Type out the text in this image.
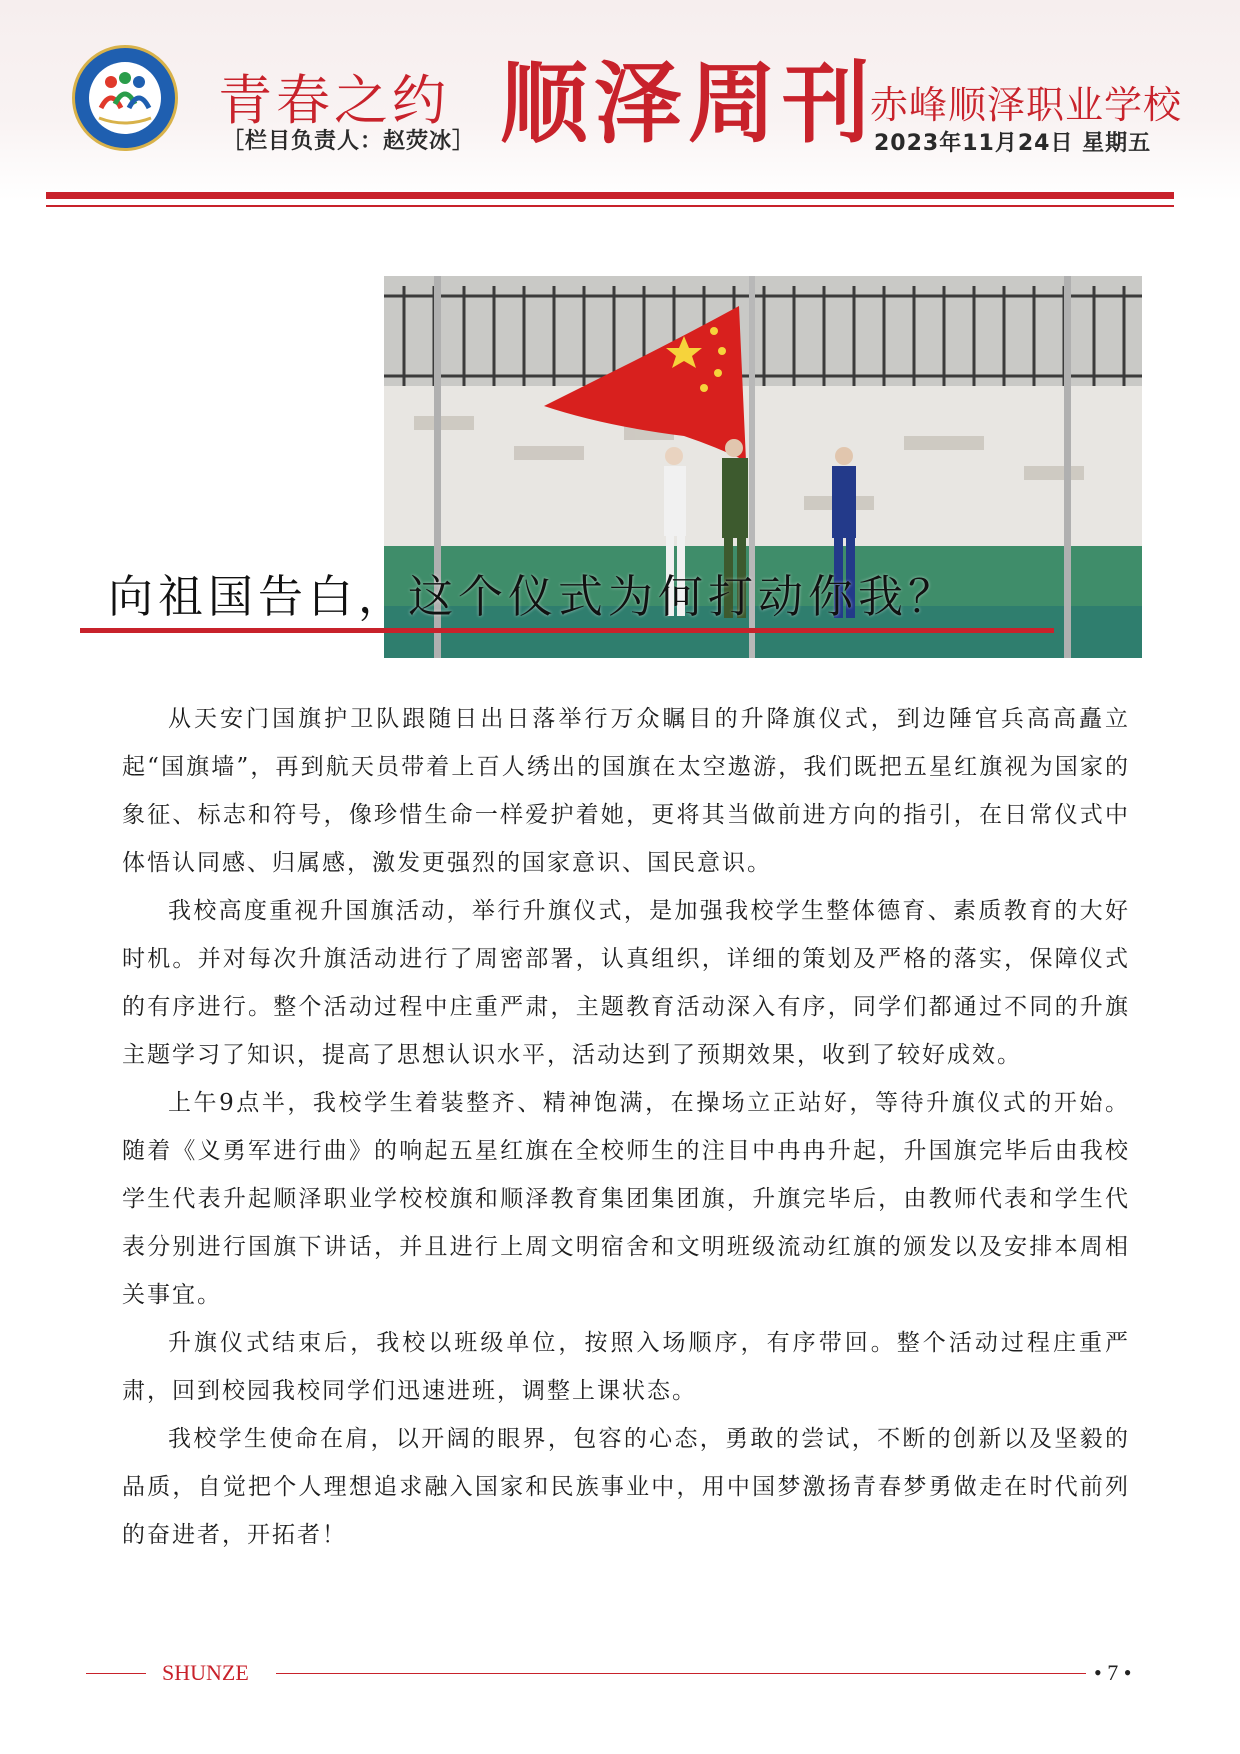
青春之约
［栏目负责人：赵荧冰］ 顺泽周刊
赤峰顺泽职业学校
2023年11月24日 星期五
向祖国告白，这个仪式为何打动你我？

从天安门国旗护卫队跟随日出日落举行万众瞩目的升降旗仪式，到边陲官兵高高矗立起“国旗墙”，再到航天员带着上百人绣出的国旗在太空遨游，我们既把五星红旗视为国家的象征、标志和符号，像珍惜生命一样爱护着她，更将其当做前进方向的指引，在日常仪式中体悟认同感、归属感，激发更强烈的国家意识、国民意识。

我校高度重视升国旗活动，举行升旗仪式，是加强我校学生整体德育、素质教育的大好时机。并对每次升旗活动进行了周密部署，认真组织，详细的策划及严格的落实，保障仪式的有序进行。整个活动过程中庄重严肃，主题教育活动深入有序，同学们都通过不同的升旗主题学习了知识，提高了思想认识水平，活动达到了预期效果，收到了较好成效。

上午9点半，我校学生着装整齐、精神饱满，在操场立正站好，等待升旗仪式的开始。随着《义勇军进行曲》的响起五星红旗在全校师生的注目中冉冉升起，升国旗完毕后由我校学生代表升起顺泽职业学校校旗和顺泽教育集团集团旗，升旗完毕后，由教师代表和学生代表分别进行国旗下讲话，并且进行上周文明宿舍和文明班级流动红旗的颁发以及安排本周相关事宜。

升旗仪式结束后，我校以班级单位，按照入场顺序，有序带回。整个活动过程庄重严肃，回到校园我校同学们迅速进班，调整上课状态。

我校学生使命在肩，以开阔的眼界，包容的心态，勇敢的尝试，不断的创新以及坚毅的品质，自觉把个人理想追求融入国家和民族事业中，用中国梦激扬青春梦勇做走在时代前列的奋进者，开拓者！

SHUNZE	• 7 •
